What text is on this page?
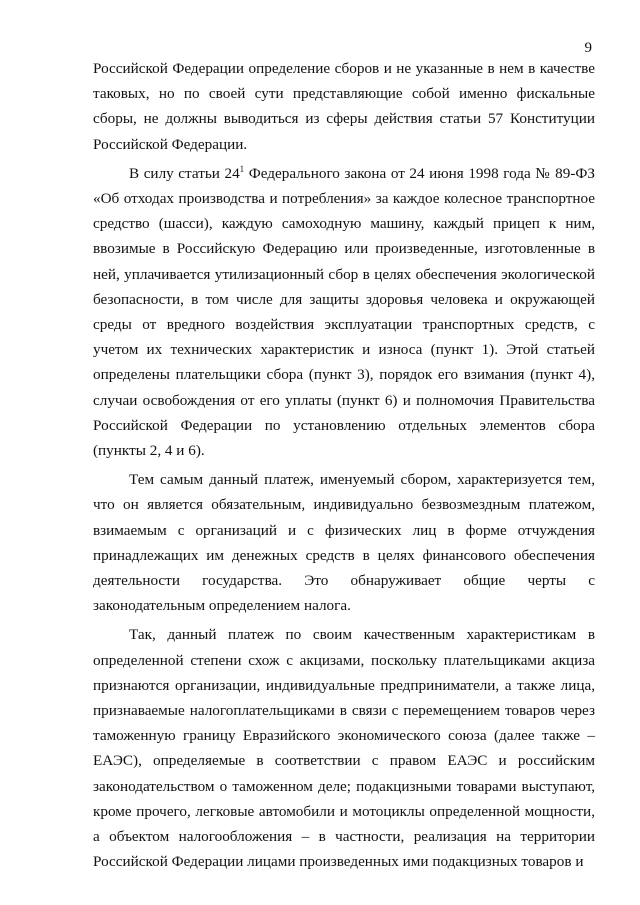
9

Российской Федерации определение сборов и не указанные в нем в качестве таковых, но по своей сути представляющие собой именно фискальные сборы, не должны выводиться из сферы действия статьи 57 Конституции Российской Федерации.

В силу статьи $24^1$ Федерального закона от 24 июня 1998 года № 89-ФЗ «Об отходах производства и потребления» за каждое колесное транспортное средство (шасси), каждую самоходную машину, каждый прицеп к ним, ввозимые в Российскую Федерацию или произведенные, изготовленные в ней, уплачивается утилизационный сбор в целях обеспечения экологической безопасности, в том числе для защиты здоровья человека и окружающей среды от вредного воздействия эксплуатации транспортных средств, с учетом их технических характеристик и износа (пункт 1). Этой статьей определены плательщики сбора (пункт 3), порядок его взимания (пункт 4), случаи освобождения от его уплаты (пункт 6) и полномочия Правительства Российской Федерации по установлению отдельных элементов сбора (пункты 2, 4 и 6).

Тем самым данный платеж, именуемый сбором, характеризуется тем, что он является обязательным, индивидуально безвозмездным платежом, взимаемым с организаций и с физических лиц в форме отчуждения принадлежащих им денежных средств в целях финансового обеспечения деятельности государства. Это обнаруживает общие черты с законодательным определением налога.

Так, данный платеж по своим качественным характеристикам в определенной степени схож с акцизами, поскольку плательщиками акциза признаются организации, индивидуальные предприниматели, а также лица, признаваемые налогоплательщиками в связи с перемещением товаров через таможенную границу Евразийского экономического союза (далее также – ЕАЭС), определяемые в соответствии с правом ЕАЭС и российским законодательством о таможенном деле; подакцизными товарами выступают, кроме прочего, легковые автомобили и мотоциклы определенной мощности, а объектом налогообложения – в частности, реализация на территории Российской Федерации лицами произведенных ими подакцизных товаров и
